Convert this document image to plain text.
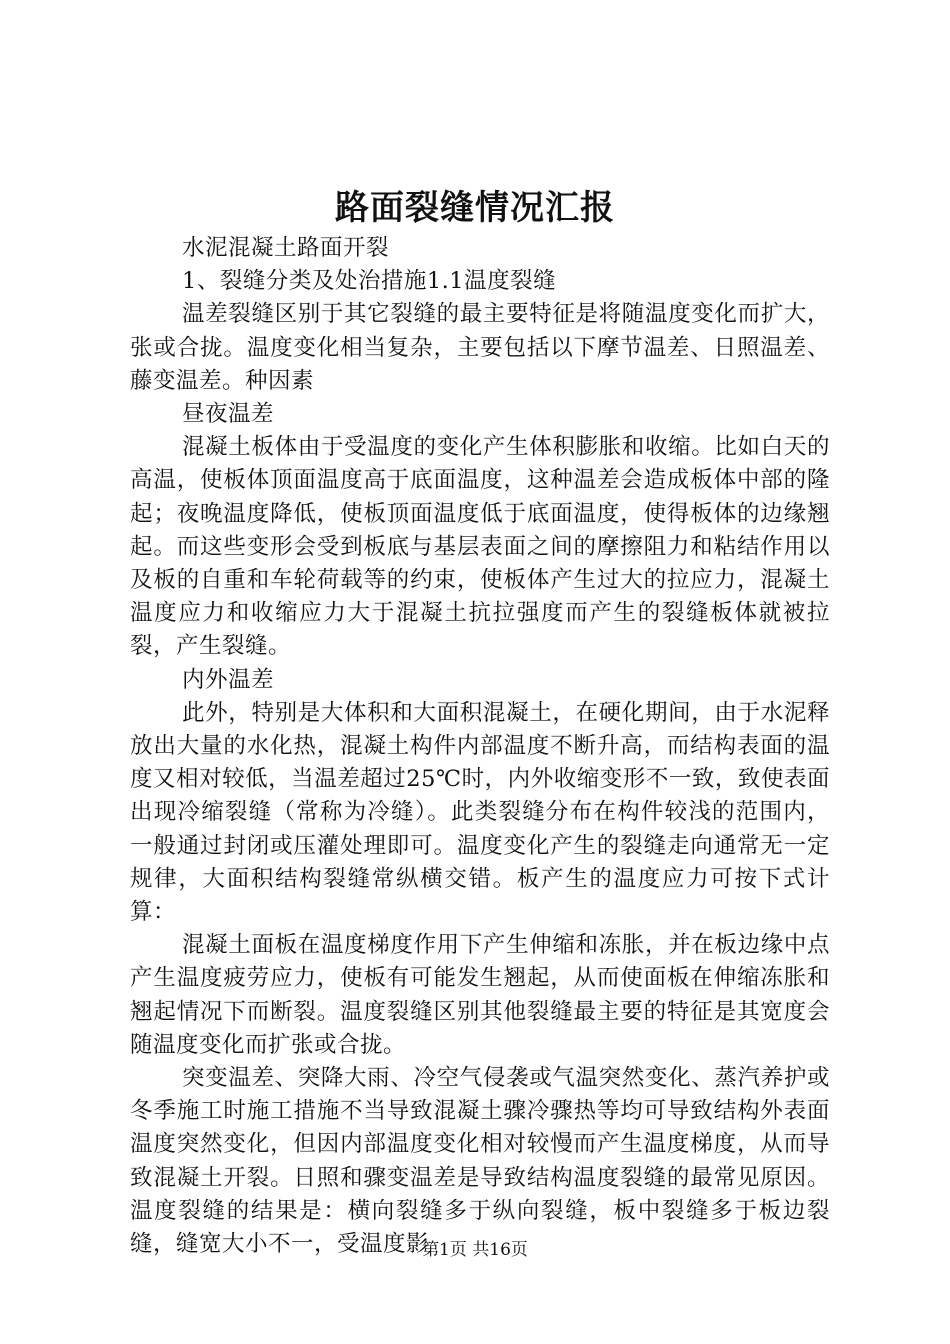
路面裂缝情况汇报

水泥混凝土路面开裂

1、裂缝分类及处治措施1.1温度裂缝

温差裂缝区别于其它裂缝的最主要特征是将随温度变化而扩大，张或合拢。温度变化相当复杂，主要包括以下摩节温差、日照温差、藤变温差。种因素

昼夜温差

混凝土板体由于受温度的变化产生体积膨胀和收缩。比如白天的高温，使板体顶面温度高于底面温度，这种温差会造成板体中部的隆起；夜晚温度降低，使板顶面温度低于底面温度，使得板体的边缘翘起。而这些变形会受到板底与基层表面之间的摩擦阻力和粘结作用以及板的自重和车轮荷载等的约束，使板体产生过大的拉应力，混凝土温度应力和收缩应力大于混凝土抗拉强度而产生的裂缝板体就被拉裂，产生裂缝。

内外温差

此外，特别是大体积和大面积混凝土，在硬化期间，由于水泥释放出大量的水化热，混凝土构件内部温度不断升高，而结构表面的温度又相对较低，当温差超过25℃时，内外收缩变形不一致，致使表面出现冷缩裂缝（常称为冷缝）。此类裂缝分布在构件较浅的范围内，一般通过封闭或压灌处理即可。温度变化产生的裂缝走向通常无一定规律，大面积结构裂缝常纵横交错。板产生的温度应力可按下式计算：

混凝土面板在温度梯度作用下产生伸缩和冻胀，并在板边缘中点产生温度疲劳应力，使板有可能发生翘起，从而使面板在伸缩冻胀和翘起情况下而断裂。温度裂缝区别其他裂缝最主要的特征是其宽度会随温度变化而扩张或合拢。

突变温差、突降大雨、冷空气侵袭或气温突然变化、蒸汽养护或冬季施工时施工措施不当导致混凝土骤冷骤热等均可导致结构外表面温度突然变化，但因内部温度变化相对较慢而产生温度梯度，从而导致混凝土开裂。日照和骤变温差是导致结构温度裂缝的最常见原因。温度裂缝的结果是：横向裂缝多于纵向裂缝，板中裂缝多于板边裂缝，缝宽大小不一，受温度影

第1页 共16页
